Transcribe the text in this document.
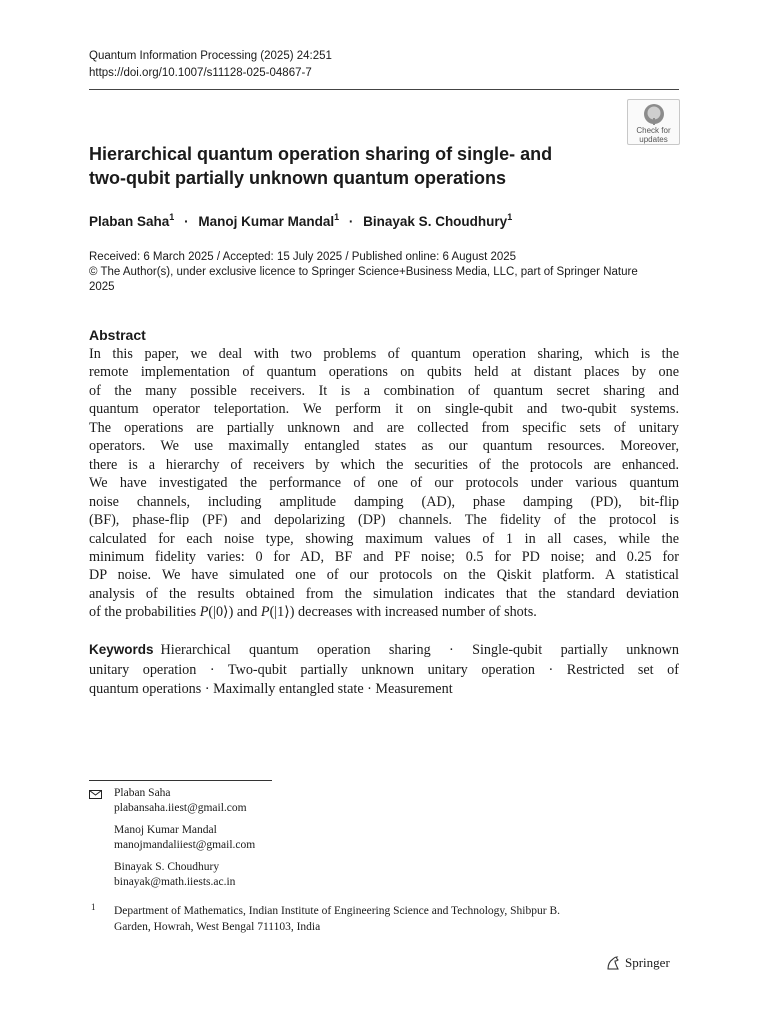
Quantum Information Processing (2025) 24:251
https://doi.org/10.1007/s11128-025-04867-7
Check for
updates
Hierarchical quantum operation sharing of single- and
two-qubit partially unknown quantum operations
Plaban Saha$^1$ · Manoj Kumar Mandal$^1$ · Binayak S. Choudhury$^1$
Received: 6 March 2025 / Accepted: 15 July 2025 / Published online: 6 August 2025
© The Author(s), under exclusive licence to Springer Science+Business Media, LLC, part of Springer Nature
2025
Abstract
In this paper, we deal with two problems of quantum operation sharing, which is the
remote implementation of quantum operations on qubits held at distant places by one
of the many possible receivers. It is a combination of quantum secret sharing and
quantum operator teleportation. We perform it on single-qubit and two-qubit systems.
The operations are partially unknown and are collected from specific sets of unitary
operators. We use maximally entangled states as our quantum resources. Moreover,
there is a hierarchy of receivers by which the securities of the protocols are enhanced.
We have investigated the performance of one of our protocols under various quantum
noise channels, including amplitude damping (AD), phase damping (PD), bit-flip
(BF), phase-flip (PF) and depolarizing (DP) channels. The fidelity of the protocol is
calculated for each noise type, showing maximum values of 1 in all cases, while the
minimum fidelity varies: 0 for AD, BF and PF noise; 0.5 for PD noise; and 0.25 for
DP noise. We have simulated one of our protocols on the Qiskit platform. A statistical
analysis of the results obtained from the simulation indicates that the standard deviation
of the probabilities P(|0⟩) and P(|1⟩) decreases with increased number of shots.
Keywords Hierarchical quantum operation sharing · Single-qubit partially unknown
unitary operation · Two-qubit partially unknown unitary operation · Restricted set of
quantum operations · Maximally entangled state · Measurement
Plaban Saha
plabansaha.iiest@gmail.com
Manoj Kumar Mandal
manojmandaliiest@gmail.com
Binayak S. Choudhury
binayak@math.iiests.ac.in
1 Department of Mathematics, Indian Institute of Engineering Science and Technology, Shibpur B.
Garden, Howrah, West Bengal 711103, India
Springer
